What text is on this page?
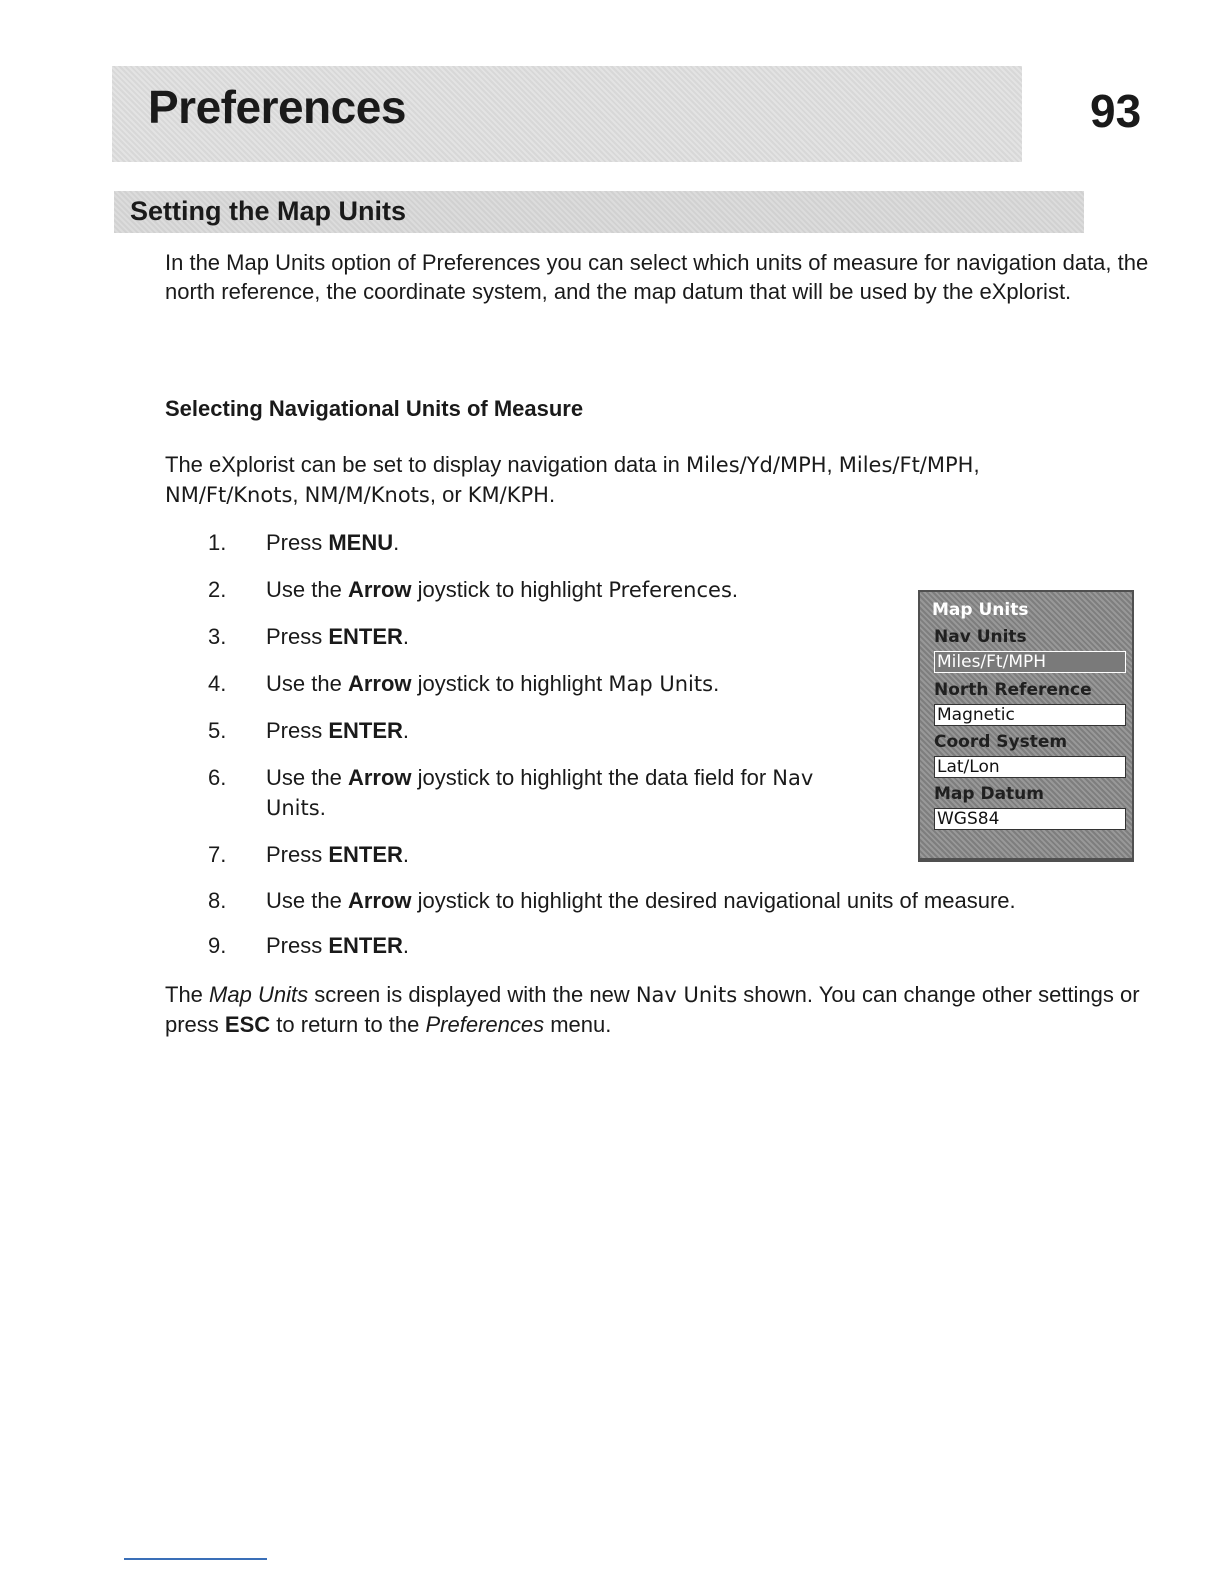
Preferences	93
Setting the Map Units
In the Map Units option of Preferences you can select which units of measure for navigation data, the north reference, the coordinate system, and the map datum that will be used by the eXplorist.
Selecting Navigational Units of Measure
The eXplorist can be set to display navigation data in Miles/Yd/MPH, Miles/Ft/MPH,
NM/Ft/Knots, NM/M/Knots, or KM/KPH.
1.	Press MENU.
2.	Use the Arrow joystick to highlight Preferences.
3.	Press ENTER.
4.	Use the Arrow joystick to highlight Map Units.
5.	Press ENTER.
6.	Use the Arrow joystick to highlight the data field for Nav Units.
7.	Press ENTER.
8.	Use the Arrow joystick to highlight the desired navigational units of measure.
9.	Press ENTER.
The Map Units screen is displayed with the new Nav Units shown. You can change other settings or press ESC to return to the Preferences menu.
Map Units
Nav Units
Miles/Ft/MPH
North Reference
Magnetic
Coord System
Lat/Lon
Map Datum
WGS84
